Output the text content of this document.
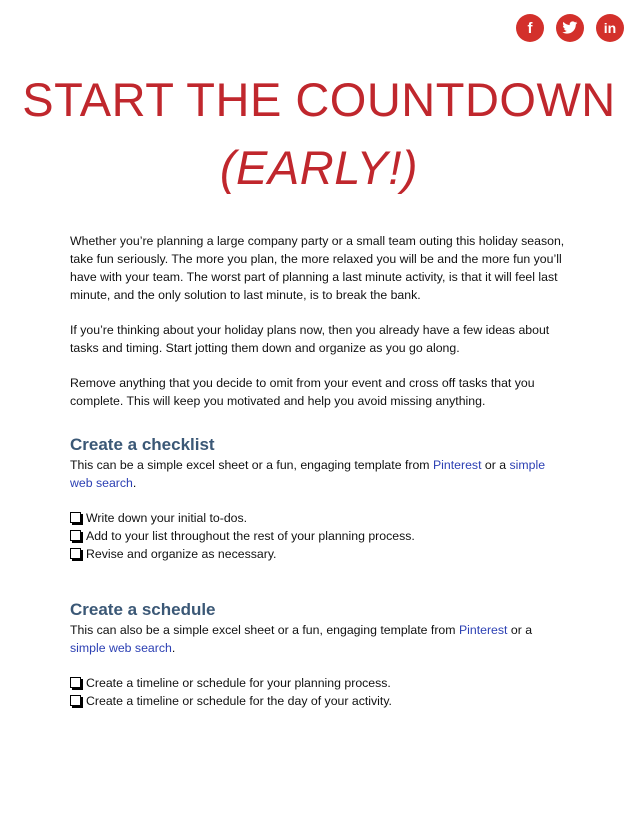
f	in
START THE COUNTDOWN
(EARLY!)

Whether you’re planning a large company party or a small team outing this holiday season, take fun seriously. The more you plan, the more relaxed you will be and the more fun you’ll have with your team. The worst part of planning a last minute activity, is that it will feel last minute, and the only solution to last minute, is to break the bank.

If you’re thinking about your holiday plans now, then you already have a few ideas about tasks and timing. Start jotting them down and organize as you go along.

Remove anything that you decide to omit from your event and cross off tasks that you complete. This will keep you motivated and help you avoid missing anything.

Create a checklist

This can be a simple excel sheet or a fun, engaging template from Pinterest or a simple web search.

Write down your initial to-dos.
Add to your list throughout the rest of your planning process.
Revise and organize as necessary.
Create a schedule

This can also be a simple excel sheet or a fun, engaging template from Pinterest or a simple web search.

Create a timeline or schedule for your planning process.
Create a timeline or schedule for the day of your activity.
